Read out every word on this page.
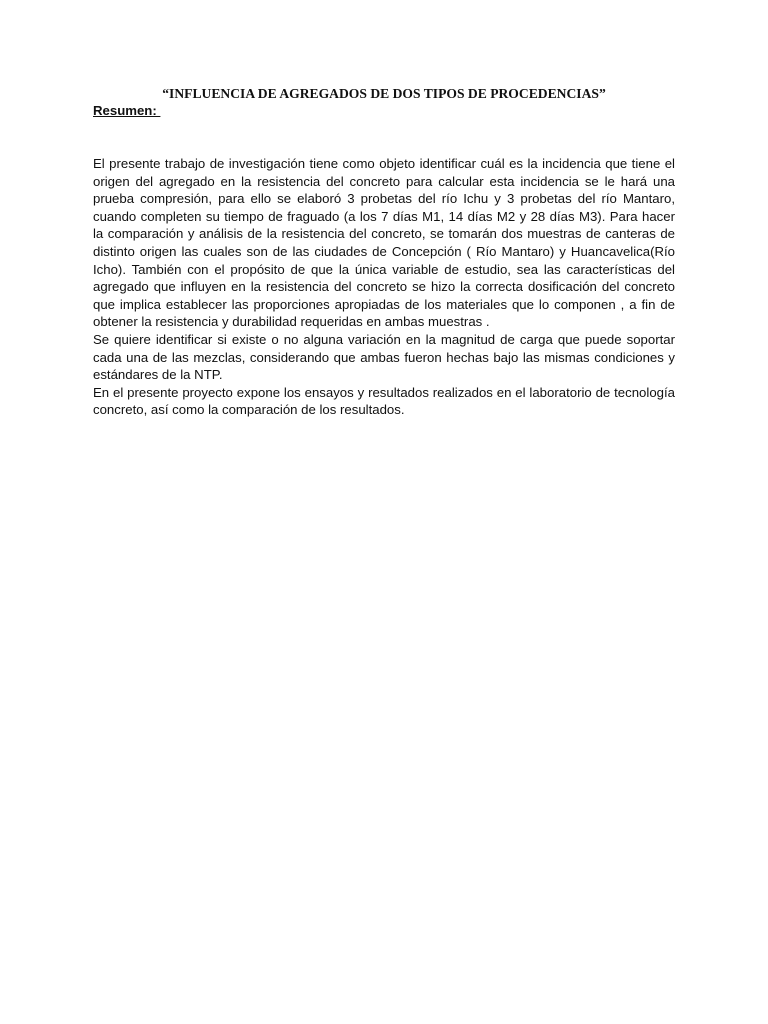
“INFLUENCIA DE AGREGADOS DE DOS TIPOS DE PROCEDENCIAS”
Resumen:

El presente trabajo de investigación tiene como objeto identificar cuál es la incidencia que tiene el origen del agregado en la resistencia del concreto para calcular esta incidencia se le hará una prueba compresión, para ello se elaboró 3 probetas del río Ichu y 3 probetas del río Mantaro, cuando completen su tiempo de fraguado (a los 7 días M1, 14 días M2 y 28 días M3). Para hacer la comparación y análisis de la resistencia del concreto, se tomarán dos muestras de canteras de distinto origen las cuales son de las ciudades de Concepción ( Río Mantaro) y Huancavelica(Río Icho). También con el propósito de que la única variable de estudio, sea las características del agregado que influyen en la resistencia del concreto se hizo la correcta dosificación del concreto que implica establecer las proporciones apropiadas de los materiales que lo componen , a fin de obtener la resistencia y durabilidad requeridas en ambas muestras .

Se quiere identificar si existe o no alguna variación en la magnitud de carga que puede soportar cada una de las mezclas, considerando que ambas fueron hechas bajo las mismas condiciones y estándares de la NTP.

En el presente proyecto expone los ensayos y resultados realizados en el laboratorio de tecnología concreto, así como la comparación de los resultados.
